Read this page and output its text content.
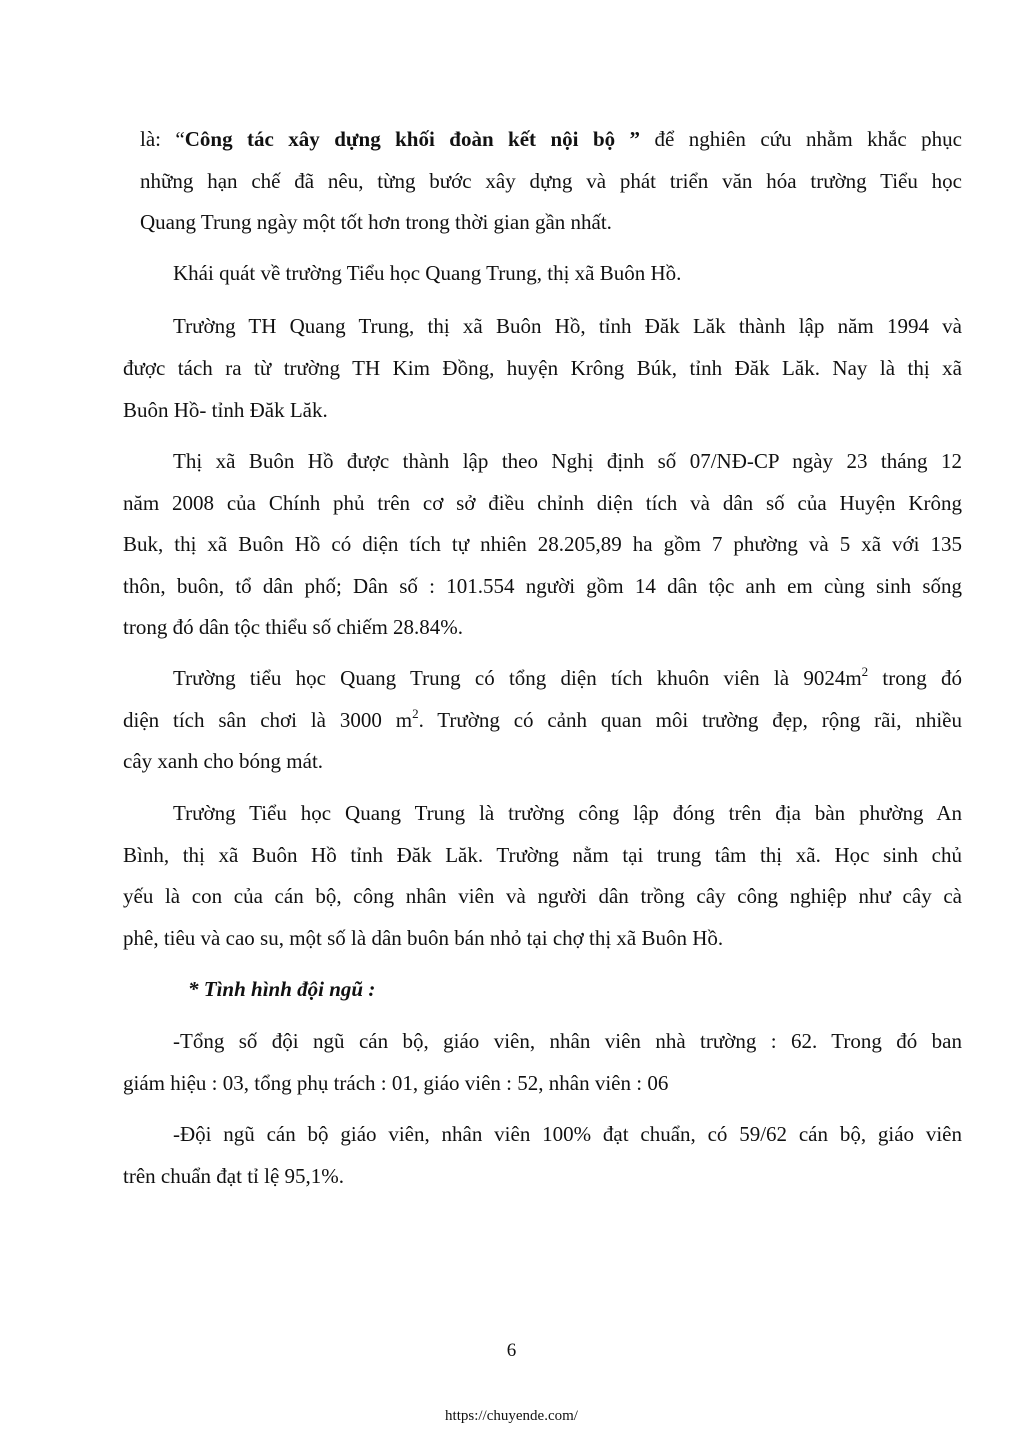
là: “Công tác xây dựng khối đoàn kết nội bộ ” để nghiên cứu nhằm khắc phục
những hạn chế đã nêu, từng bước xây dựng và phát triển văn hóa trường Tiểu học
Quang Trung ngày một tốt hơn trong thời gian gần nhất.
Khái quát về trường Tiểu học Quang Trung, thị xã Buôn Hồ.
Trường TH Quang Trung, thị xã Buôn Hồ, tỉnh Đăk Lăk thành lập năm 1994 và
được tách ra từ trường TH Kim Đồng, huyện Krông Búk, tỉnh Đăk Lăk. Nay là thị xã
Buôn Hồ- tỉnh Đăk Lăk.
Thị xã Buôn Hồ được thành lập theo Nghị định số 07/NĐ-CP ngày 23 tháng 12
năm 2008 của Chính phủ trên cơ sở điều chỉnh diện tích và dân số của Huyện Krông
Buk, thị xã Buôn Hồ có diện tích tự nhiên 28.205,89 ha gồm 7 phường và 5 xã với 135
thôn, buôn, tổ dân phố; Dân số : 101.554 người gồm 14 dân tộc anh em cùng sinh sống
trong đó dân tộc thiểu số chiếm 28.84%.
Trường tiểu học Quang Trung có tổng diện tích khuôn viên là $9024m^2$ trong đó
diện tích sân chơi là 3000 $m^2$. Trường có cảnh quan môi trường đẹp, rộng rãi, nhiều
cây xanh cho bóng mát.
Trường Tiểu học Quang Trung là trường công lập đóng trên địa bàn phường An
Bình, thị xã Buôn Hồ tỉnh Đăk Lăk. Trường nằm tại trung tâm thị xã. Học sinh chủ
yếu là con của cán bộ, công nhân viên và người dân trồng cây công nghiệp như cây cà
phê, tiêu và cao su, một số là dân buôn bán nhỏ tại chợ thị xã Buôn Hồ.
* Tình hình đội ngũ :
-Tổng số đội ngũ cán bộ, giáo viên, nhân viên nhà trường : 62. Trong đó ban
giám hiệu : 03, tổng phụ trách : 01, giáo viên : 52, nhân viên : 06
-Đội ngũ cán bộ giáo viên, nhân viên 100% đạt chuẩn, có 59/62 cán bộ, giáo viên
trên chuẩn đạt tỉ lệ 95,1%.
6
https://chuyende.com/
